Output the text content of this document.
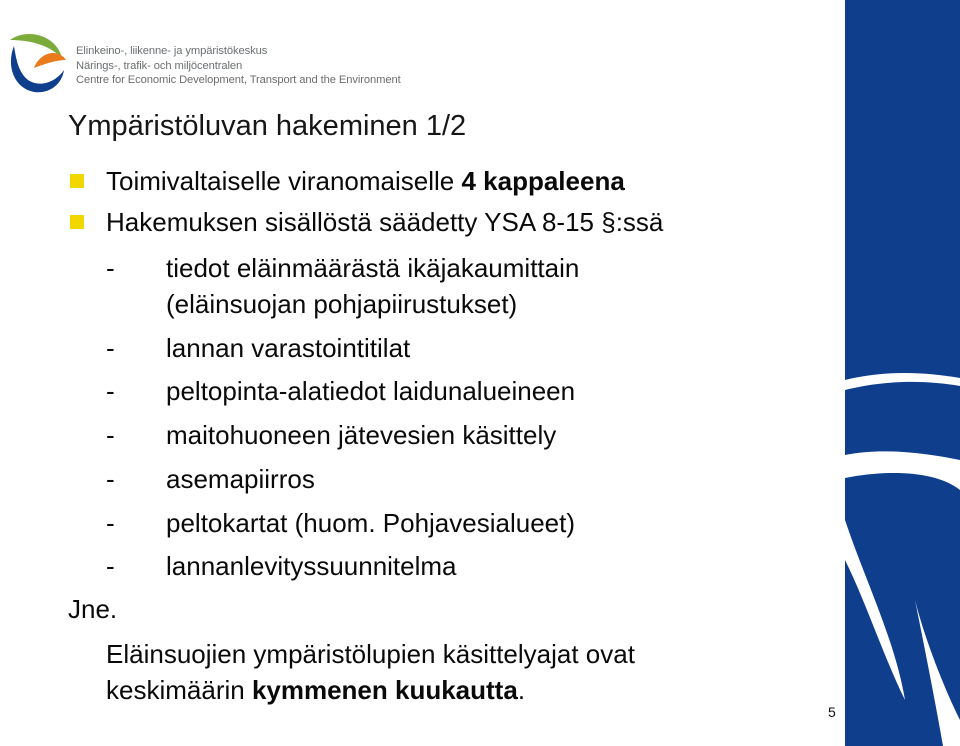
Elinkeino-, liikenne- ja ympäristökeskus
Närings-, trafik- och miljöcentralen
Centre for Economic Development, Transport and the Environment
Ympäristöluvan hakeminen 1/2
Toimivaltaiselle viranomaiselle 4 kappaleena
Hakemuksen sisällöstä säädetty YSA 8-15 §:ssä
- tiedot eläinmäärästä ikäjakaumittain
(eläinsuojan pohjapiirustukset)
- lannan varastointitilat
- peltopinta-alatiedot laidunalueineen
- maitohuoneen jätevesien käsittely
- asemapiirros
- peltokartat (huom. Pohjavesialueet)
- lannanlevityssuunnitelma
Jne.
Eläinsuojien ympäristölupien käsittelyajat ovat
keskimäärin kymmenen kuukautta.
5
